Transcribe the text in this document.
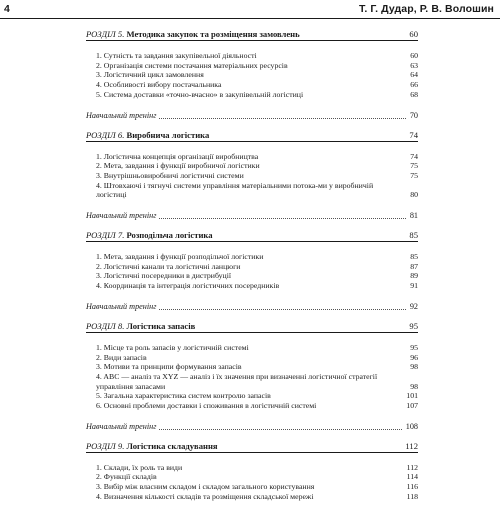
4	Т. Г. Дудар, Р. В. Волошин
РОЗДІЛ 5. Методика закупок та розміщення замовлень	60
1. Сутність та завдання закупівельної діяльності	60
2. Організація системи постачання матеріальних ресурсів	63
3. Логістичний цикл замовлення	64
4. Особливості вибору постачальника	66
5. Система доставки «точно-вчасно» в закупівельній логістиці	68
Навчальний тренінг	70
РОЗДІЛ 6. Виробнича логістика	74
1. Логістична концепція організації виробництва	74
2. Мета, завдання і функції виробничої логістики	75
3. Внутрішньовиробничі логістичні системи	75
4. Штовхаючі і тягнучі системи управління матеріальними потока-ми у виробничій логістиці	80
Навчальний тренінг	81
РОЗДІЛ 7. Розподільча логістика	85
1. Мета, завдання і функції розподільчої логістики	85
2. Логістичні канали та логістичні ланцюги	87
3. Логістичні посередники в дистрибуції	89
4. Координація та інтеграція логістичних посередників	91
Навчальний тренінг	92
РОЗДІЛ 8. Логістика запасів	95
1. Місце та роль запасів у логістичній системі	95
2. Види запасів	96
3. Мотиви та принципи формування запасів	98
4. ABC — аналіз та XYZ — аналіз і їх значення при визначенні логістичної стратегії управління запасами	98
5. Загальна характеристика систем контролю запасів	101
6. Основні проблеми доставки і споживання в логістичній системі	107
Навчальний тренінг	108
РОЗДІЛ 9. Логістика складування	112
1. Склади, їх роль та види	112
2. Функції складів	114
3. Вибір між власним складом і складом загального користування	116
4. Визначення кількості складів та розміщення складської мережі	118
